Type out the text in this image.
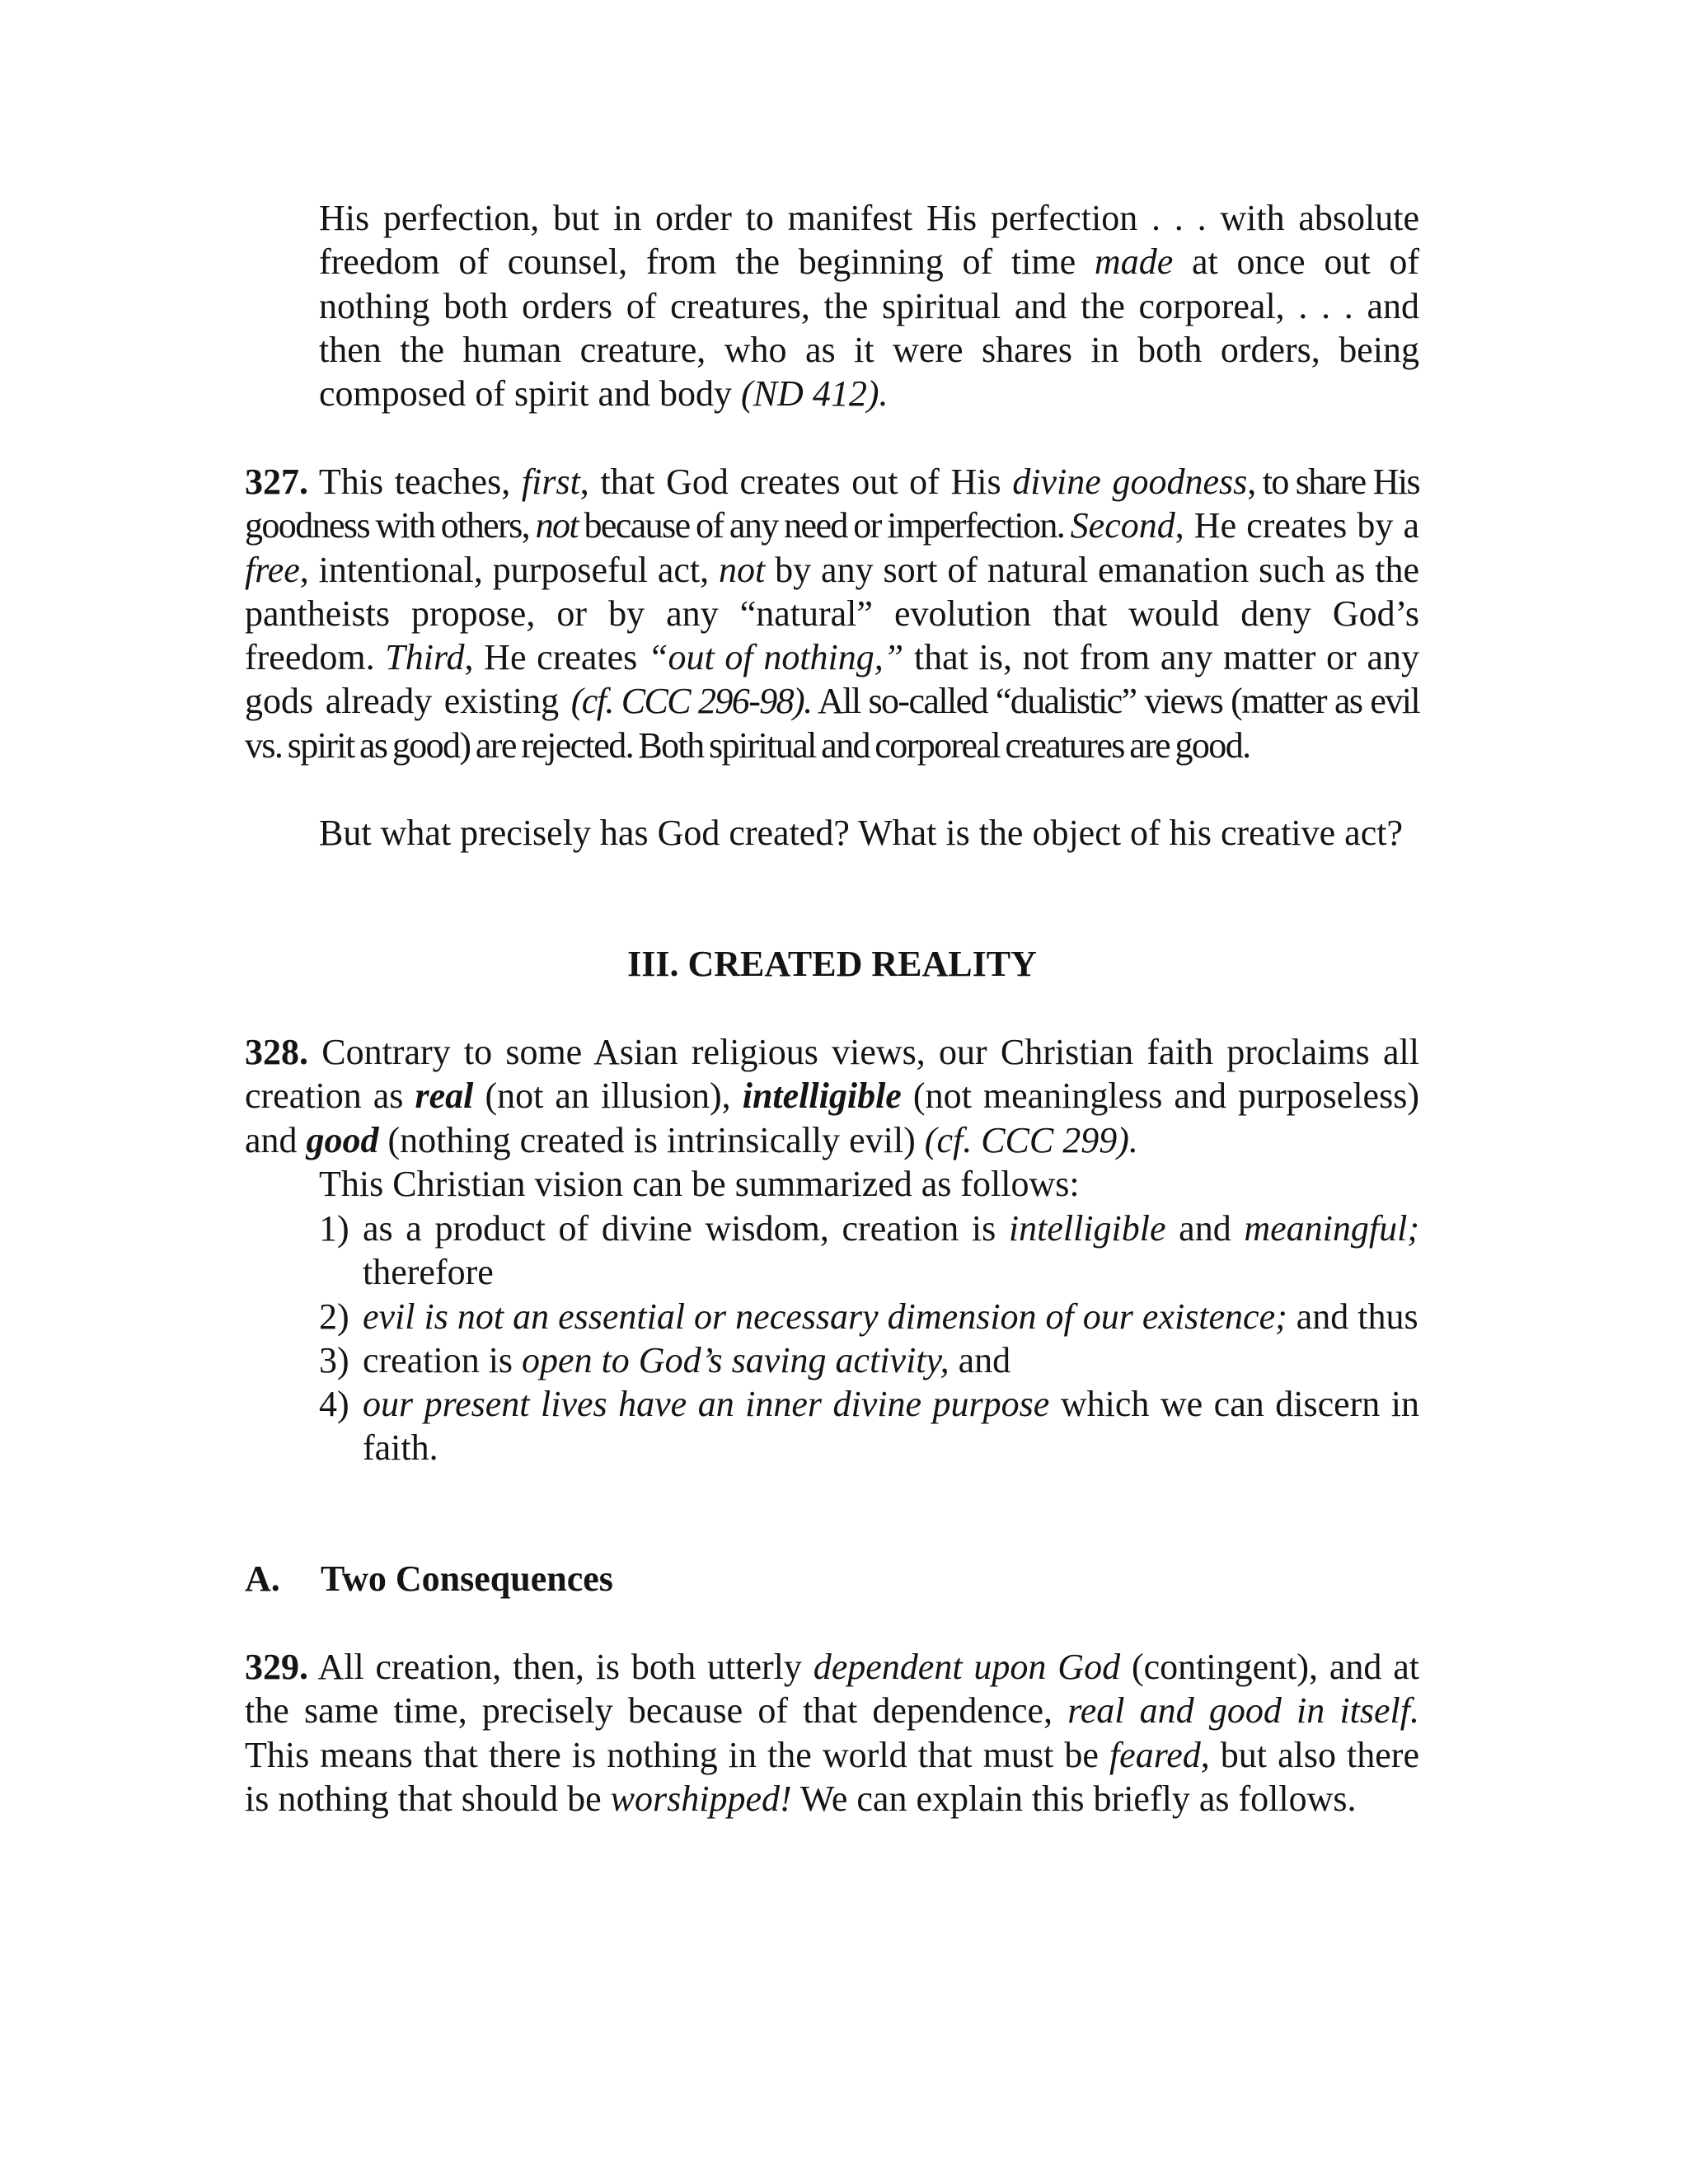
His perfection, but in order to manifest His perfection . . . with absolute freedom of counsel, from the beginning of time made at once out of nothing both orders of creatures, the spiritual and the corporeal, . . . and then the human creature, who as it were shares in both orders, being composed of spirit and body (ND 412).
327. This teaches, first, that God creates out of His divine goodness, to share His goodness with others, not because of any need or imperfection. Second, He creates by a free, intentional, purposeful act, not by any sort of natural emanation such as the pantheists propose, or by any “natural” evolution that would deny God’s freedom. Third, He creates “out of nothing,” that is, not from any matter or any gods already existing (cf. CCC 296-98). All so-called “dualistic” views (matter as evil vs. spirit as good) are rejected. Both spiritual and corporeal creatures are good.
But what precisely has God created? What is the object of his creative act?
III. CREATED REALITY
328. Contrary to some Asian religious views, our Christian faith proclaims all creation as real (not an illusion), intelligible (not meaningless and purposeless) and good (nothing created is intrinsically evil) (cf. CCC 299).
This Christian vision can be summarized as follows:
1) as a product of divine wisdom, creation is intelligible and meaningful; therefore
2) evil is not an essential or necessary dimension of our existence; and thus
3) creation is open to God’s saving activity, and
4) our present lives have an inner divine purpose which we can discern in faith.
A. Two Consequences
329. All creation, then, is both utterly dependent upon God (contingent), and at the same time, precisely because of that dependence, real and good in itself. This means that there is nothing in the world that must be feared, but also there is nothing that should be worshipped! We can explain this briefly as follows.
